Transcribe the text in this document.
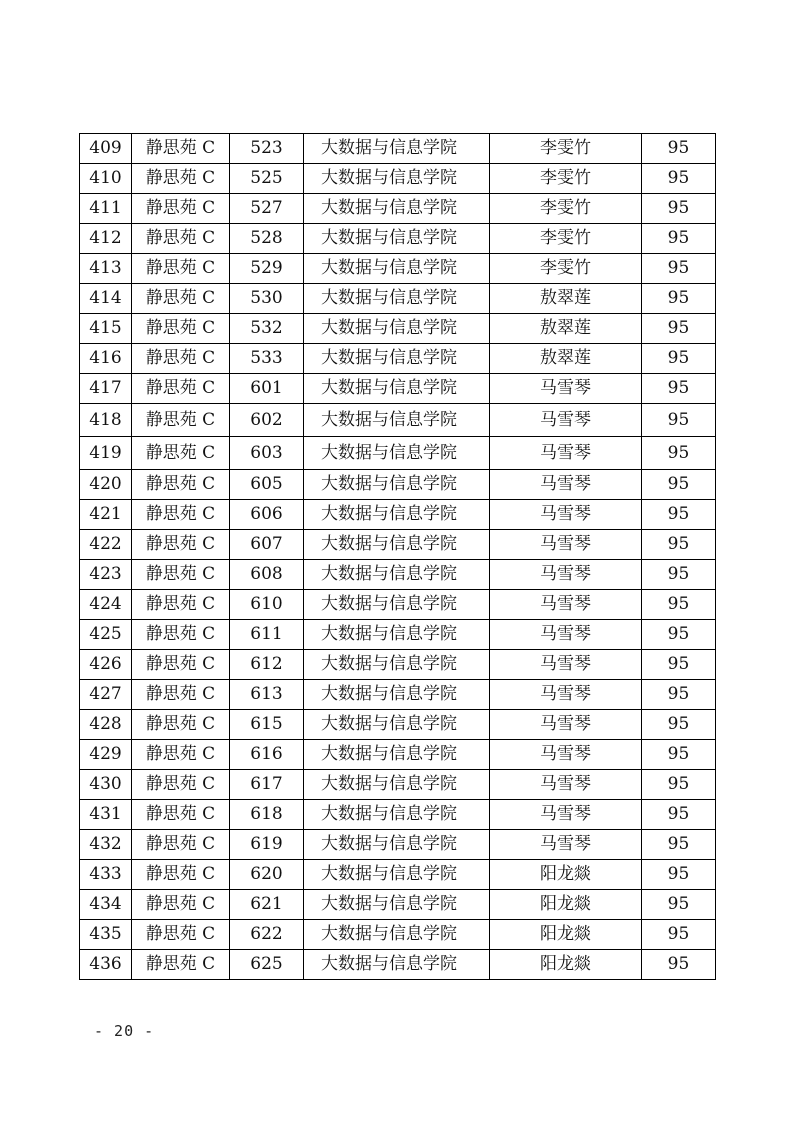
409	静思苑 C	523	大数据与信息学院	李雯竹	95
410	静思苑 C	525	大数据与信息学院	李雯竹	95
411	静思苑 C	527	大数据与信息学院	李雯竹	95
412	静思苑 C	528	大数据与信息学院	李雯竹	95
413	静思苑 C	529	大数据与信息学院	李雯竹	95
414	静思苑 C	530	大数据与信息学院	敖翠莲	95
415	静思苑 C	532	大数据与信息学院	敖翠莲	95
416	静思苑 C	533	大数据与信息学院	敖翠莲	95
417	静思苑 C	601	大数据与信息学院	马雪琴	95
418	静思苑 C	602	大数据与信息学院	马雪琴	95
419	静思苑 C	603	大数据与信息学院	马雪琴	95
420	静思苑 C	605	大数据与信息学院	马雪琴	95
421	静思苑 C	606	大数据与信息学院	马雪琴	95
422	静思苑 C	607	大数据与信息学院	马雪琴	95
423	静思苑 C	608	大数据与信息学院	马雪琴	95
424	静思苑 C	610	大数据与信息学院	马雪琴	95
425	静思苑 C	611	大数据与信息学院	马雪琴	95
426	静思苑 C	612	大数据与信息学院	马雪琴	95
427	静思苑 C	613	大数据与信息学院	马雪琴	95
428	静思苑 C	615	大数据与信息学院	马雪琴	95
429	静思苑 C	616	大数据与信息学院	马雪琴	95
430	静思苑 C	617	大数据与信息学院	马雪琴	95
431	静思苑 C	618	大数据与信息学院	马雪琴	95
432	静思苑 C	619	大数据与信息学院	马雪琴	95
433	静思苑 C	620	大数据与信息学院	阳龙燚	95
434	静思苑 C	621	大数据与信息学院	阳龙燚	95
435	静思苑 C	622	大数据与信息学院	阳龙燚	95
436	静思苑 C	625	大数据与信息学院	阳龙燚	95
- 20 -
